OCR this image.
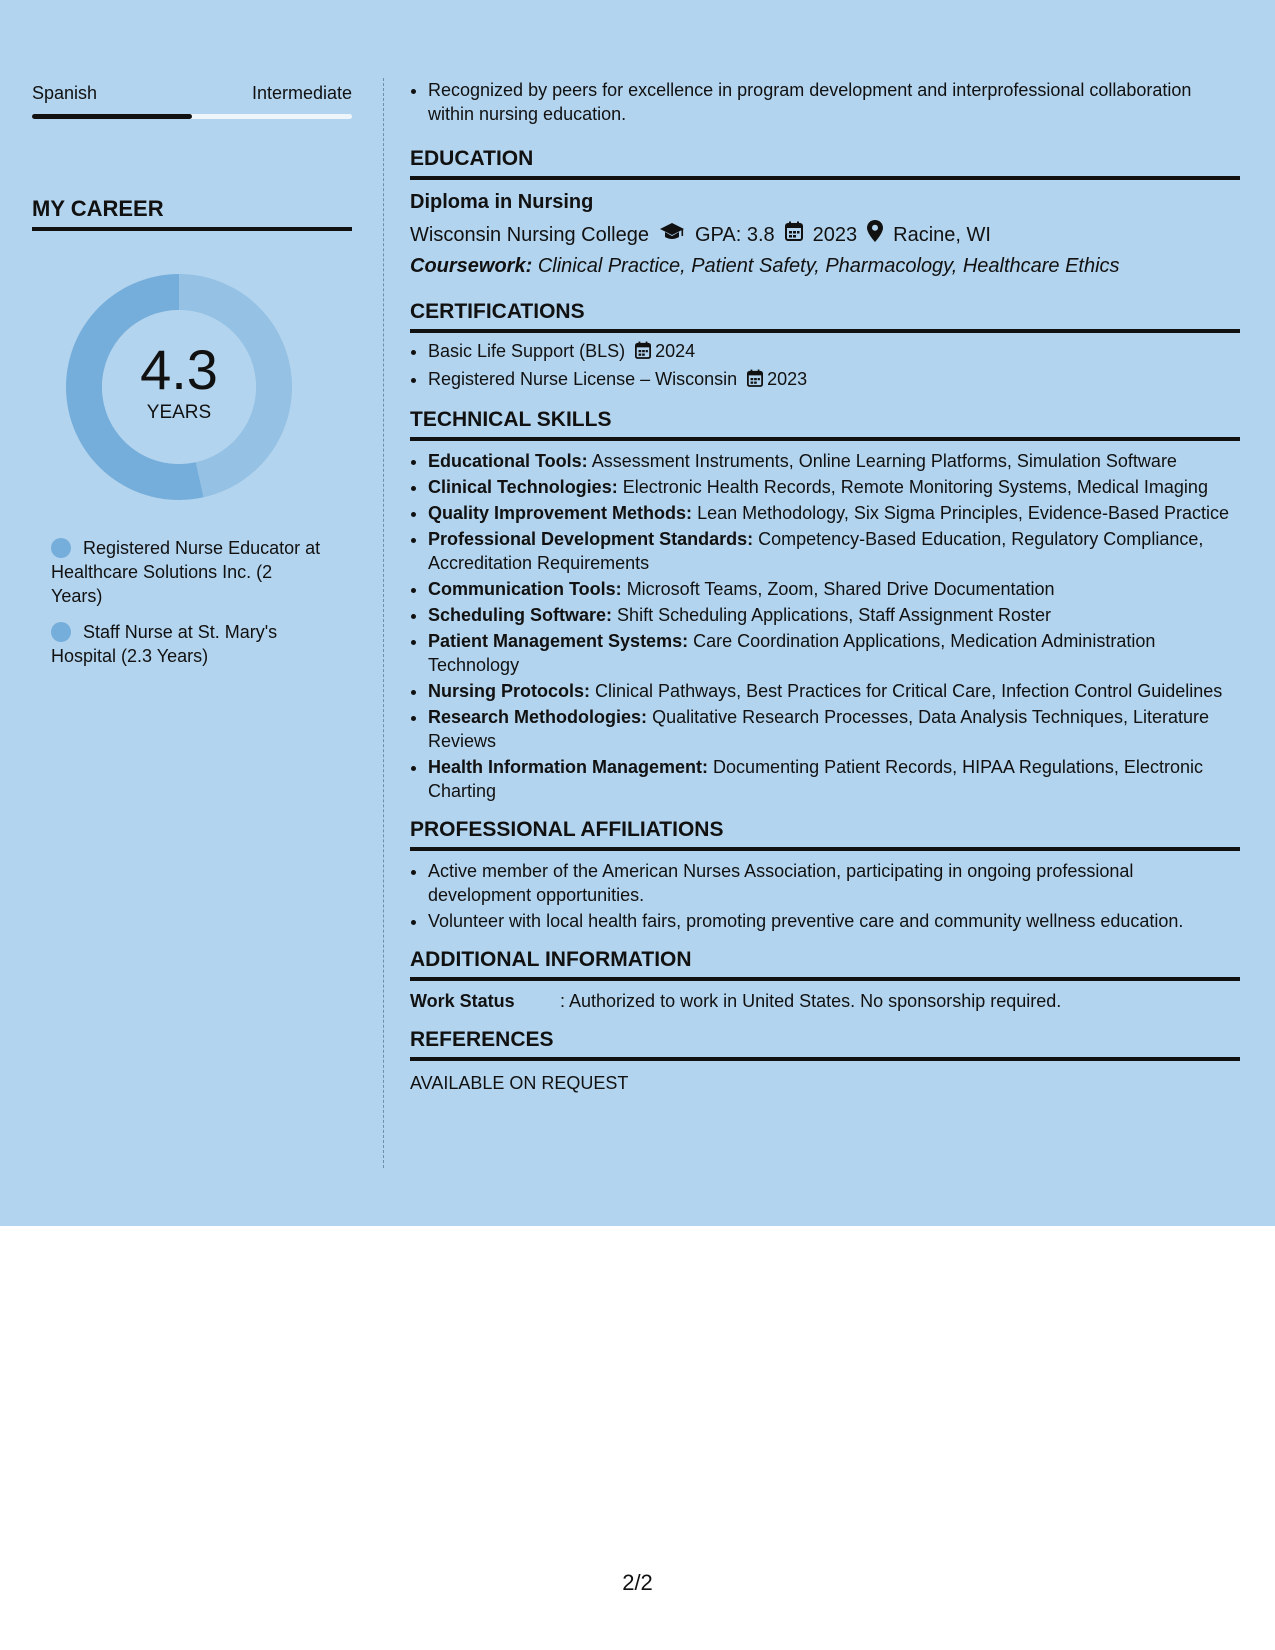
Spanish	Intermediate
MY CAREER
4.3
YEARS
Registered Nurse Educator at Healthcare Solutions Inc. (2 Years)
Staff Nurse at St. Mary's Hospital (2.3 Years)
• Recognized by peers for excellence in program development and interprofessional collaboration within nursing education.
EDUCATION
Diploma in Nursing
Wisconsin Nursing College GPA: 3.8 2023 Racine, WI
Coursework: Clinical Practice, Patient Safety, Pharmacology, Healthcare Ethics
CERTIFICATIONS
• Basic Life Support (BLS) 2024
• Registered Nurse License – Wisconsin 2023
TECHNICAL SKILLS
• Educational Tools: Assessment Instruments, Online Learning Platforms, Simulation Software
• Clinical Technologies: Electronic Health Records, Remote Monitoring Systems, Medical Imaging
• Quality Improvement Methods: Lean Methodology, Six Sigma Principles, Evidence-Based Practice
• Professional Development Standards: Competency-Based Education, Regulatory Compliance, Accreditation Requirements
• Communication Tools: Microsoft Teams, Zoom, Shared Drive Documentation
• Scheduling Software: Shift Scheduling Applications, Staff Assignment Roster
• Patient Management Systems: Care Coordination Applications, Medication Administration Technology
• Nursing Protocols: Clinical Pathways, Best Practices for Critical Care, Infection Control Guidelines
• Research Methodologies: Qualitative Research Processes, Data Analysis Techniques, Literature Reviews
• Health Information Management: Documenting Patient Records, HIPAA Regulations, Electronic Charting
PROFESSIONAL AFFILIATIONS
• Active member of the American Nurses Association, participating in ongoing professional development opportunities.
• Volunteer with local health fairs, promoting preventive care and community wellness education.
ADDITIONAL INFORMATION
Work Status	: Authorized to work in United States. No sponsorship required.
REFERENCES
AVAILABLE ON REQUEST
2/2
